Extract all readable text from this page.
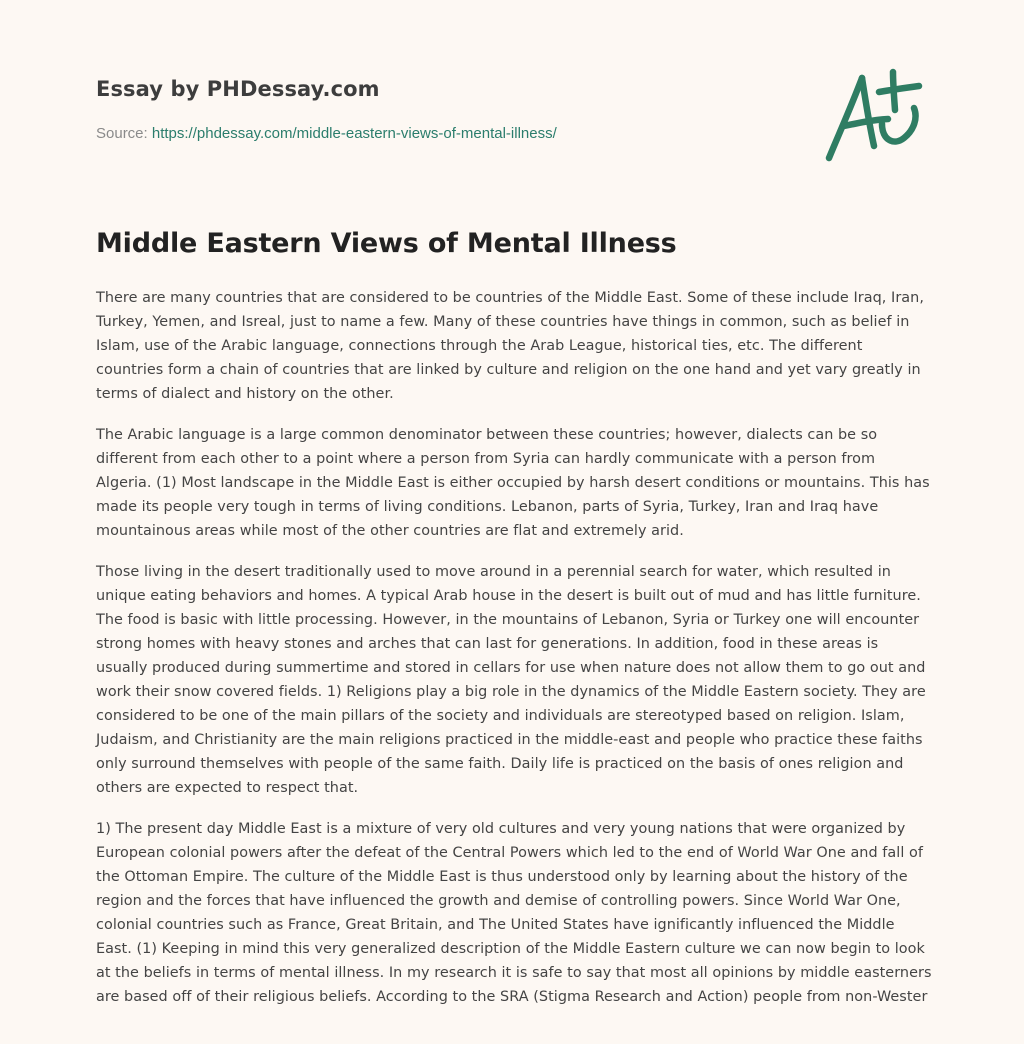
Essay by PHDessay.com
Source: https://phdessay.com/middle-eastern-views-of-mental-illness/
Middle Eastern Views of Mental Illness

There are many countries that are considered to be countries of the Middle East. Some of these include Iraq, Iran, Turkey, Yemen, and Isreal, just to name a few. Many of these countries have things in common, such as belief in Islam, use of the Arabic language, connections through the Arab League, historical ties, etc. The different countries form a chain of countries that are linked by culture and religion on the one hand and yet vary greatly in terms of dialect and history on the other.

The Arabic language is a large common denominator between these countries; however, dialects can be so different from each other to a point where a person from Syria can hardly communicate with a person from Algeria. (1) Most landscape in the Middle East is either occupied by harsh desert conditions or mountains. This has made its people very tough in terms of living conditions. Lebanon, parts of Syria, Turkey, Iran and Iraq have mountainous areas while most of the other countries are flat and extremely arid.

Those living in the desert traditionally used to move around in a perennial search for water, which resulted in unique eating behaviors and homes. A typical Arab house in the desert is built out of mud and has little furniture. The food is basic with little processing. However, in the mountains of Lebanon, Syria or Turkey one will encounter strong homes with heavy stones and arches that can last for generations. In addition, food in these areas is usually produced during summertime and stored in cellars for use when nature does not allow them to go out and work their snow covered fields. 1) Religions play a big role in the dynamics of the Middle Eastern society. They are considered to be one of the main pillars of the society and individuals are stereotyped based on religion. Islam, Judaism, and Christianity are the main religions practiced in the middle-east and people who practice these faiths only surround themselves with people of the same faith. Daily life is practiced on the basis of ones religion and others are expected to respect that.

1) The present day Middle East is a mixture of very old cultures and very young nations that were organized by European colonial powers after the defeat of the Central Powers which led to the end of World War One and fall of the Ottoman Empire. The culture of the Middle East is thus understood only by learning about the history of the region and the forces that have influenced the growth and demise of controlling powers. Since World War One, colonial countries such as France, Great Britain, and The United States have ignificantly influenced the Middle East. (1) Keeping in mind this very generalized description of the Middle Eastern culture we can now begin to look at the beliefs in terms of mental illness. In my research it is safe to say that most all opinions by middle easterners are based off of their religious beliefs. According to the SRA (Stigma Research and Action) people from non-Wester
